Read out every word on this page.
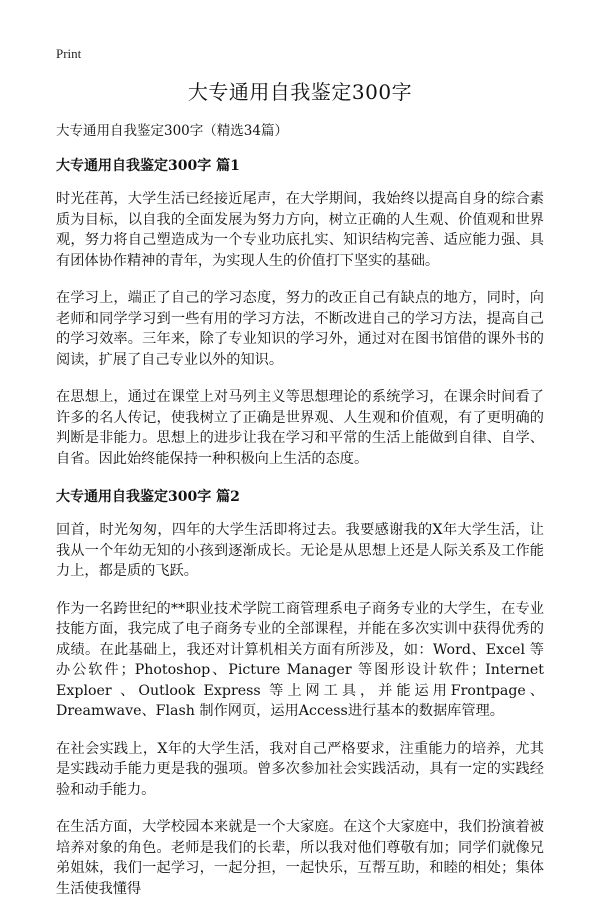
Print
大专通用自我鉴定300字

大专通用自我鉴定300字（精选34篇）

大专通用自我鉴定300字 篇1

时光荏苒，大学生活已经接近尾声，在大学期间，我始终以提高自身的综合素质为目标，以自我的全面发展为努力方向，树立正确的人生观、价值观和世界观，努力将自己塑造成为一个专业功底扎实、知识结构完善、适应能力强、具有团体协作精神的青年，为实现人生的价值打下坚实的基础。

在学习上，端正了自己的学习态度，努力的改正自己有缺点的地方，同时，向老师和同学学习到一些有用的学习方法，不断改进自己的学习方法，提高自己的学习效率。三年来，除了专业知识的学习外，通过对在图书馆借的课外书的阅读，扩展了自己专业以外的知识。

在思想上，通过在课堂上对马列主义等思想理论的系统学习，在课余时间看了许多的名人传记，使我树立了正确是世界观、人生观和价值观，有了更明确的判断是非能力。思想上的进步让我在学习和平常的生活上能做到自律、自学、自省。因此始终能保持一种积极向上生活的态度。

大专通用自我鉴定300字 篇2

回首，时光匆匆，四年的大学生活即将过去。我要感谢我的X年大学生活，让我从一个年幼无知的小孩到逐渐成长。无论是从思想上还是人际关系及工作能力上，都是质的飞跃。

作为一名跨世纪的**职业技术学院工商管理系电子商务专业的大学生，在专业技能方面，我完成了电子商务专业的全部课程，并能在多次实训中获得优秀的成绩。在此基础上，我还对计算机相关方面有所涉及，如：Word、Excel 等办公软件；Photoshop、Picture Manager 等图形设计软件；Internet Exploer 、Outlook Express 等上网工具，并能运用Frontpage、Dreamwave、Flash 制作网页，运用Access进行基本的数据库管理。

在社会实践上，X年的大学生活，我对自己严格要求，注重能力的培养，尤其是实践动手能力更是我的强项。曾多次参加社会实践活动，具有一定的实践经验和动手能力。

在生活方面，大学校园本来就是一个大家庭。在这个大家庭中，我们扮演着被培养对象的角色。老师是我们的长辈，所以我对他们尊敬有加；同学们就像兄弟姐妹，我们一起学习，一起分担，一起快乐，互帮互助，和睦的相处；集体生活使我懂得
